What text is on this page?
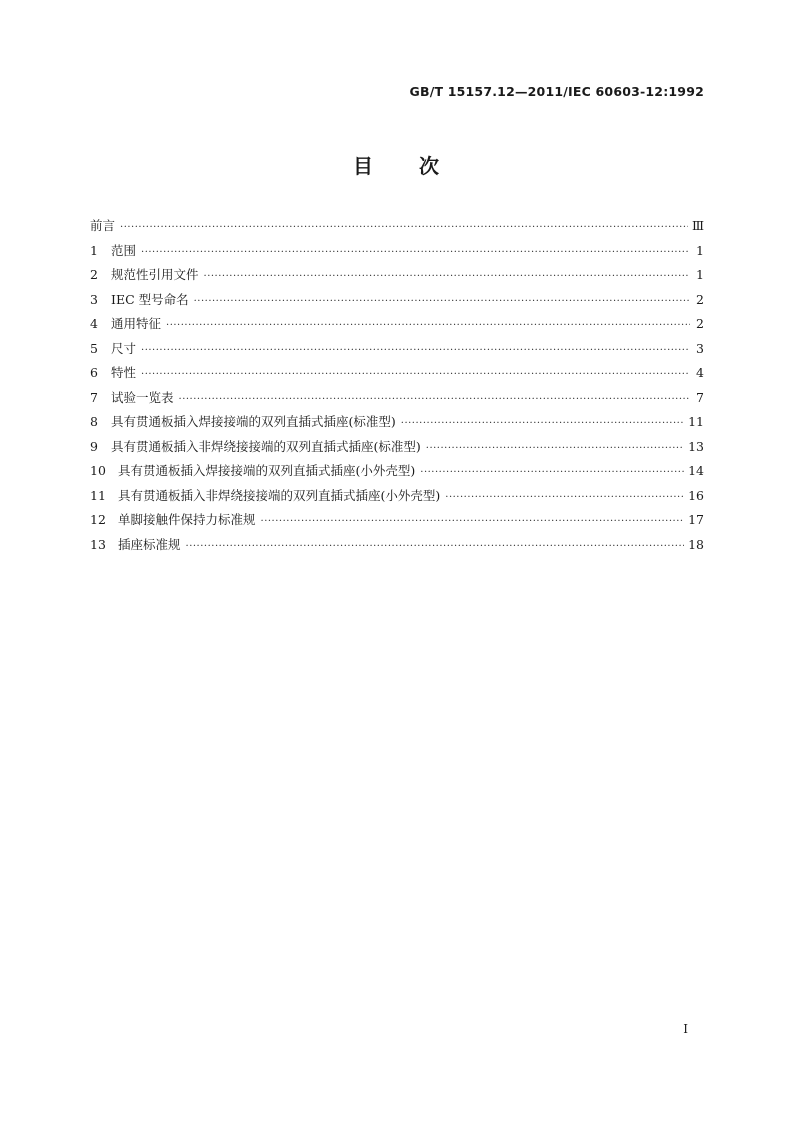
GB/T 15157.12—2011/IEC 60603-12:1992
目 次
前言 ·····	Ⅲ
1	范围 ·····	1
2	规范性引用文件 ·····	1
3	IEC 型号命名 ·····	2
4	通用特征 ·····	2
5	尺寸 ·····	3
6	特性 ·····	4
7	试验一览表 ·····	7
8	具有贯通板插入焊接接端的双列直插式插座(标准型) ·····	11
9	具有贯通板插入非焊绕接接端的双列直插式插座(标准型) ·····	13
10 具有贯通板插入焊接接端的双列直插式插座(小外壳型) ·····	14
11 具有贯通板插入非焊绕接接端的双列直插式插座(小外壳型) ·····	16
12 单脚接触件保持力标准规 ·····	17
13 插座标准规 ·····	18
I
